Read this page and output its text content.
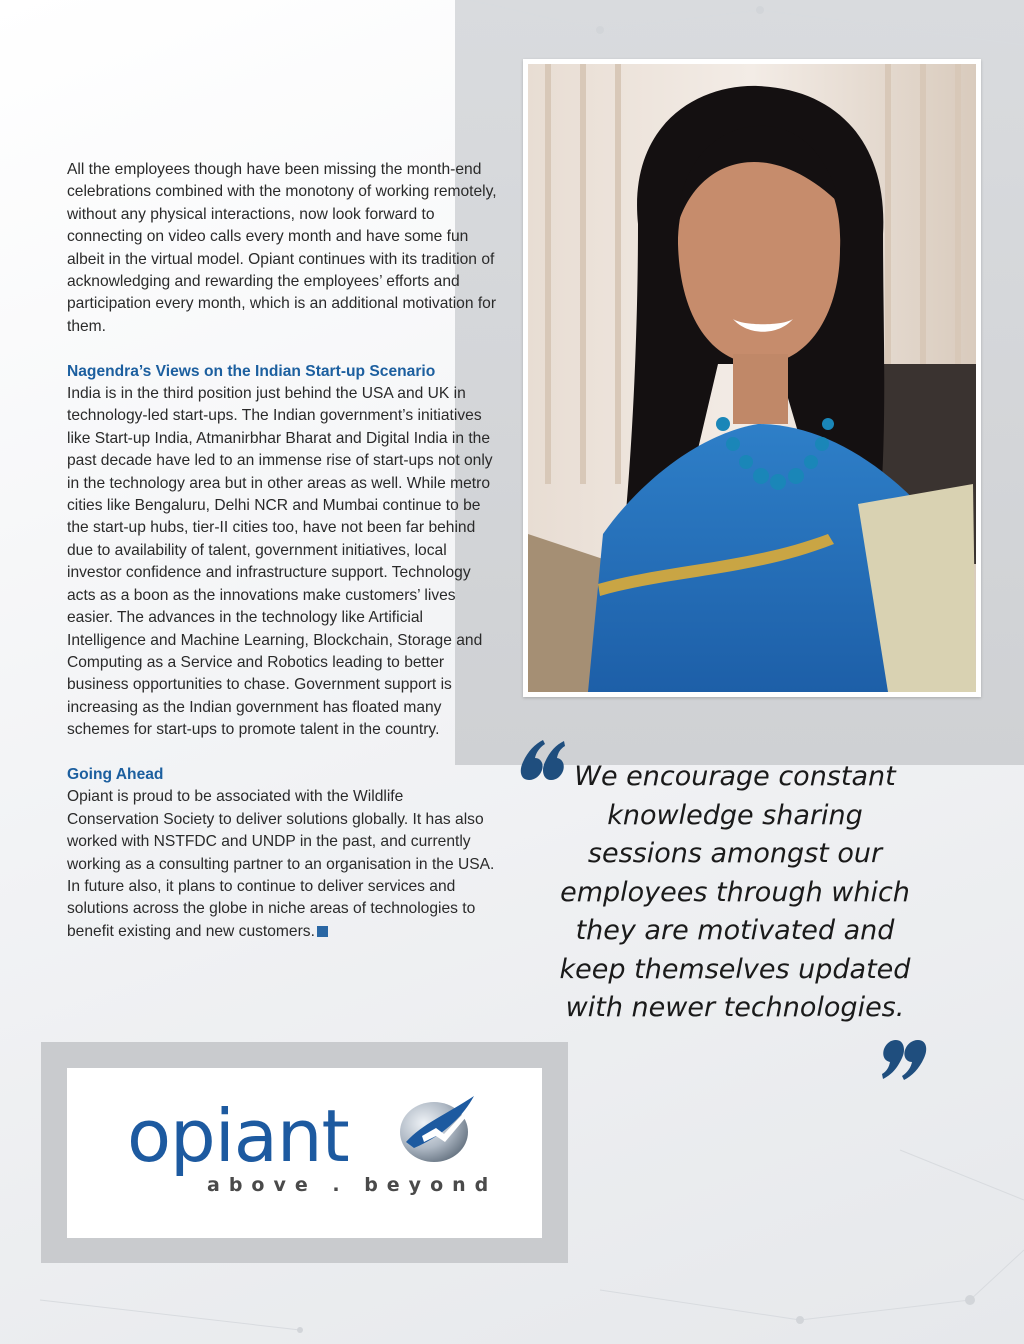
All the employees though have been missing the month-end celebrations combined with the monotony of working remotely, without any physical interactions, now look forward to connecting on video calls every month and have some fun albeit in the virtual model. Opiant continues with its tradition of acknowledging and rewarding the employees’ efforts and participation every month, which is an additional motivation for them.

Nagendra’s Views on the Indian Start-up Scenario

India is in the third position just behind the USA and UK in technology-led start-ups. The Indian government’s initiatives like Start-up India, Atmanirbhar Bharat and Digital India in the past decade have led to an immense rise of start-ups not only in the technology area but in other areas as well. While metro cities like Bengaluru, Delhi NCR and Mumbai continue to be the start-up hubs, tier-II cities too, have not been far behind due to availability of talent, government initiatives, local investor confidence and infrastructure support. Technology acts as a boon as the innovations make customers’ lives easier. The advances in the technology like Artificial Intelligence and Machine Learning, Blockchain, Storage and Computing as a Service and Robotics leading to better business opportunities to chase. Government support is increasing as the Indian government has floated many schemes for start-ups to promote talent in the country.

Going Ahead

Opiant is proud to be associated with the Wildlife Conservation Society to deliver solutions globally. It has also worked with NSTFDC and UNDP in the past, and currently working as a consulting partner to an organisation in the USA. In future also, it plans to continue to deliver services and solutions across the globe in niche areas of technologies to benefit existing and new customers.

We encourage constant knowledge sharing sessions amongst our employees through which they are motivated and keep themselves updated with newer technologies.
opiant
above . beyond
